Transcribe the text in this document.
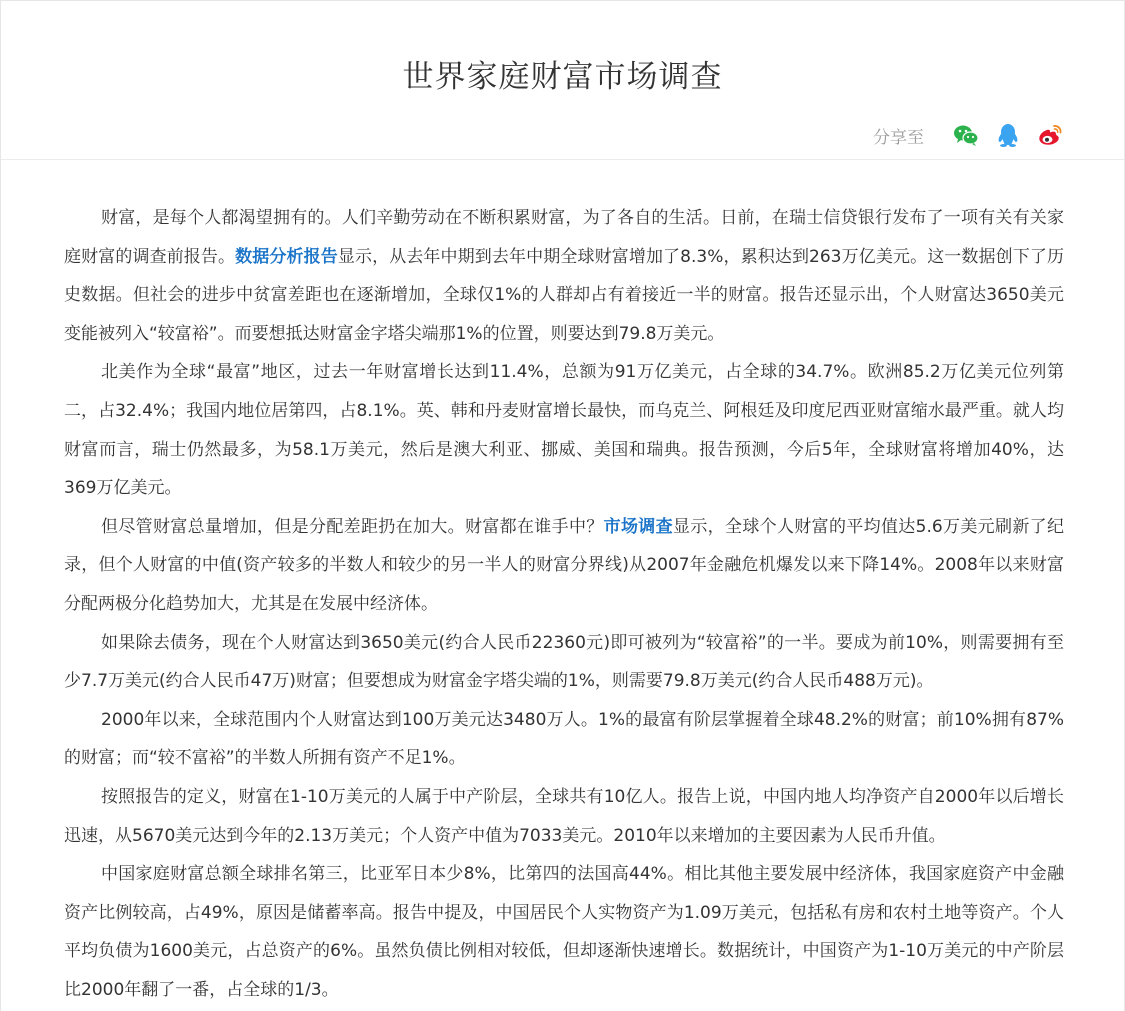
世界家庭财富市场调查
分享至

财富，是每个人都渴望拥有的。人们辛勤劳动在不断积累财富，为了各自的生活。日前，在瑞士信贷银行发布了一项有关有关家庭财富的调查前报告。数据分析报告显示，从去年中期到去年中期全球财富增加了8.3%，累积达到263万亿美元。这一数据创下了历史数据。但社会的进步中贫富差距也在逐渐增加，全球仅1%的人群却占有着接近一半的财富。报告还显示出，个人财富达3650美元变能被列入“较富裕”。而要想抵达财富金字塔尖端那1%的位置，则要达到79.8万美元。

北美作为全球“最富”地区，过去一年财富增长达到11.4%，总额为91万亿美元，占全球的34.7%。欧洲85.2万亿美元位列第二，占32.4%；我国内地位居第四，占8.1%。英、韩和丹麦财富增长最快，而乌克兰、阿根廷及印度尼西亚财富缩水最严重。就人均财富而言，瑞士仍然最多，为58.1万美元，然后是澳大利亚、挪威、美国和瑞典。报告预测，今后5年，全球财富将增加40%，达369万亿美元。

但尽管财富总量增加，但是分配差距扔在加大。财富都在谁手中？市场调查显示，全球个人财富的平均值达5.6万美元刷新了纪录，但个人财富的中值(资产较多的半数人和较少的另一半人的财富分界线)从2007年金融危机爆发以来下降14%。2008年以来财富分配两极分化趋势加大，尤其是在发展中经济体。

如果除去债务，现在个人财富达到3650美元(约合人民币22360元)即可被列为“较富裕”的一半。要成为前10%，则需要拥有至少7.7万美元(约合人民币47万)财富；但要想成为财富金字塔尖端的1%，则需要79.8万美元(约合人民币488万元)。

2000年以来，全球范围内个人财富达到100万美元达3480万人。1%的最富有阶层掌握着全球48.2%的财富；前10%拥有87%的财富；而“较不富裕”的半数人所拥有资产不足1%。

按照报告的定义，财富在1-10万美元的人属于中产阶层，全球共有10亿人。报告上说，中国内地人均净资产自2000年以后增长迅速，从5670美元达到今年的2.13万美元；个人资产中值为7033美元。2010年以来增加的主要因素为人民币升值。

中国家庭财富总额全球排名第三，比亚军日本少8%，比第四的法国高44%。相比其他主要发展中经济体，我国家庭资产中金融资产比例较高，占49%，原因是储蓄率高。报告中提及，中国居民个人实物资产为1.09万美元，包括私有房和农村土地等资产。个人平均负债为1600美元，占总资产的6%。虽然负债比例相对较低，但却逐渐快速增长。数据统计，中国资产为1-10万美元的中产阶层比2000年翻了一番，占全球的1/3。
